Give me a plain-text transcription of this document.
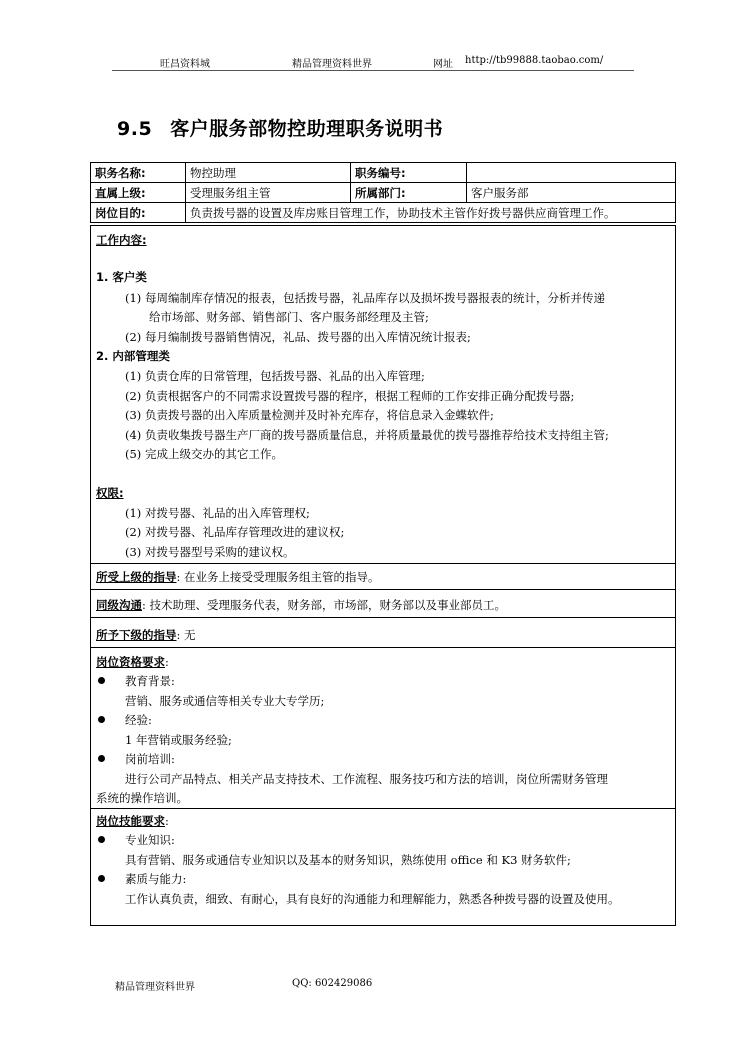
旺昌资料城	精品管理资料世界	网址 http://tb99888.taobao.com/
9.5 客户服务部物控助理职务说明书
职务名称:	物控助理	职务编号:	
直属上级:	受理服务组主管	所属部门:	客户服务部
岗位目的:	负责拨号器的设置及库房账目管理工作，协助技术主管作好拨号器供应商管理工作。		
工作内容:
1. 客户类
(1) 每周编制库存情况的报表，包括拨号器，礼品库存以及损坏拨号器报表的统计，分析并传递
给市场部、财务部、销售部门、客户服务部经理及主管;
(2) 每月编制拨号器销售情况，礼品、拨号器的出入库情况统计报表;
2. 内部管理类
(1) 负责仓库的日常管理，包括拨号器、礼品的出入库管理;
(2) 负责根据客户的不同需求设置拨号器的程序，根据工程师的工作安排正确分配拨号器;
(3) 负责拨号器的出入库质量检测并及时补充库存，将信息录入金蝶软件;
(4) 负责收集拨号器生产厂商的拨号器质量信息，并将质量最优的拨号器推荐给技术支持组主管;
(5) 完成上级交办的其它工作。
权限:
(1) 对拨号器、礼品的出入库管理权;
(2) 对拨号器、礼品库存管理改进的建议权;
(3) 对拨号器型号采购的建议权。
所受上级的指导: 在业务上接受受理服务组主管的指导。
同级沟通: 技术助理、受理服务代表，财务部，市场部，财务部以及事业部员工。
所予下级的指导: 无
岗位资格要求:
教育背景:
营销、服务或通信等相关专业大专学历;
经验:
1 年营销或服务经验;
岗前培训:
进行公司产品特点、相关产品支持技术、工作流程、服务技巧和方法的培训，岗位所需财务管理
系统的操作培训。
岗位技能要求:
专业知识:
具有营销、服务或通信专业知识以及基本的财务知识，熟练使用 office 和 K3 财务软件;
素质与能力:
工作认真负责，细致、有耐心，具有良好的沟通能力和理解能力，熟悉各种拨号器的设置及使用。
精品管理资料世界	QQ: 602429086
